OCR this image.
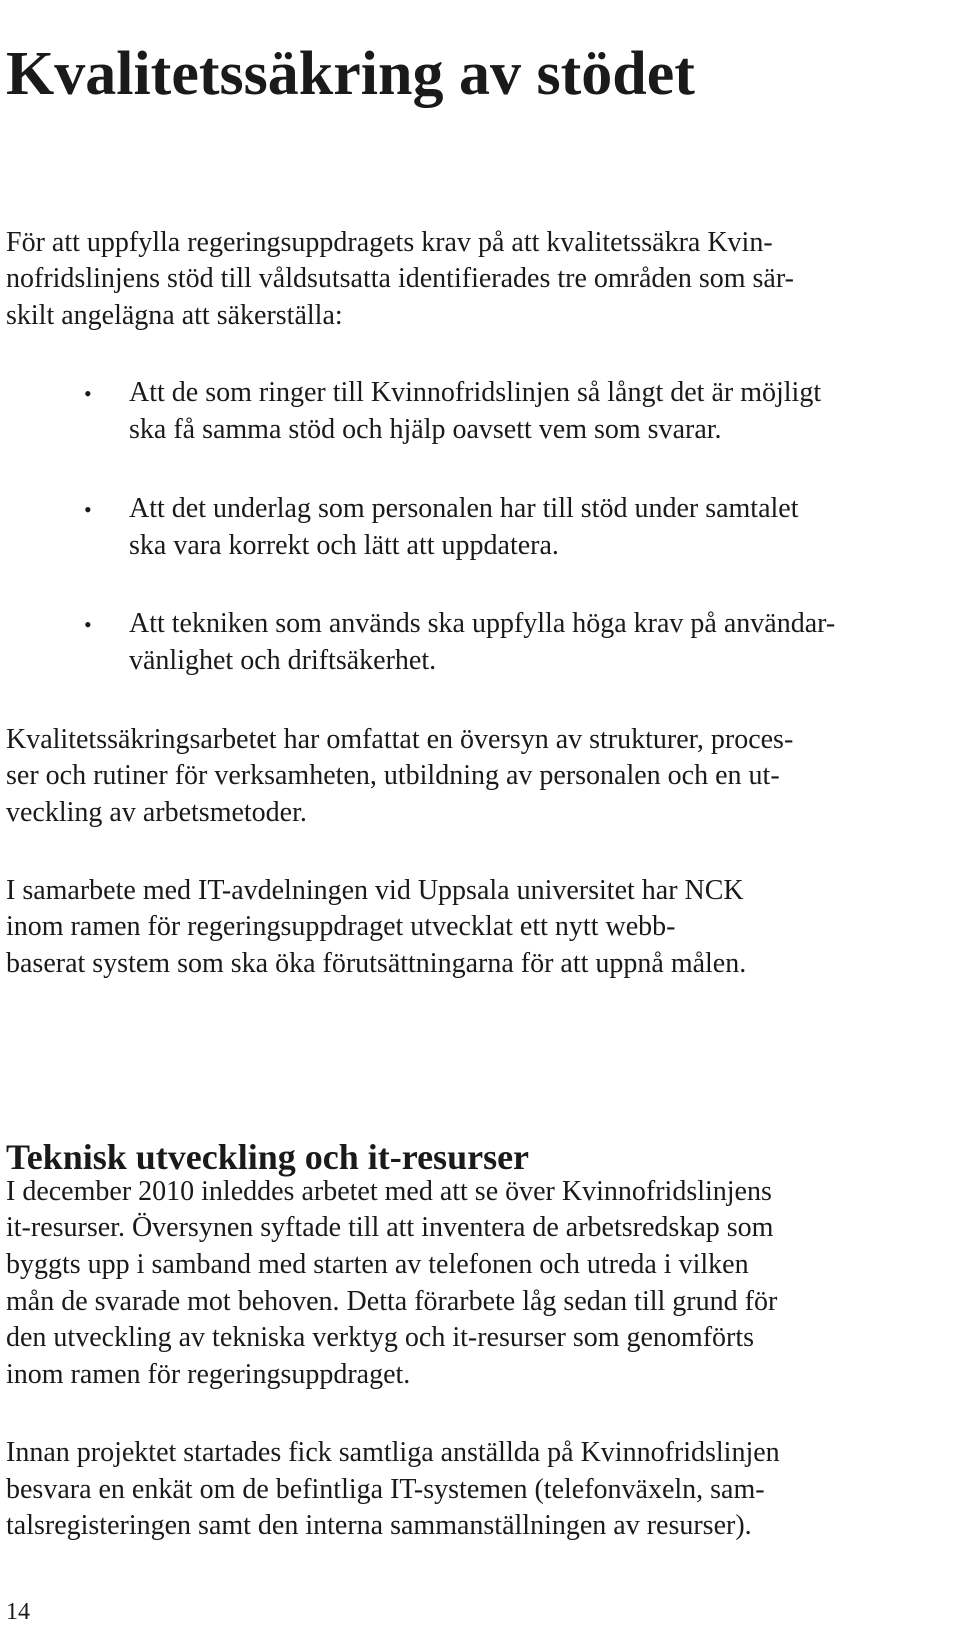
Kvalitetssäkring av stödet
För att uppfylla regeringsuppdragets krav på att kvalitetssäkra Kvin-
nofridslinjens stöd till våldsutsatta identifierades tre områden som sär-
skilt angelägna att säkerställa:
• Att de som ringer till Kvinnofridslinjen så långt det är möjligt
ska få samma stöd och hjälp oavsett vem som svarar.
• Att det underlag som personalen har till stöd under samtalet
ska vara korrekt och lätt att uppdatera.
• Att tekniken som används ska uppfylla höga krav på användar-
vänlighet och driftsäkerhet.
Kvalitetssäkringsarbetet har omfattat en översyn av strukturer, proces-
ser och rutiner för verksamheten, utbildning av personalen och en ut-
veckling av arbetsmetoder.
I samarbete med IT-avdelningen vid Uppsala universitet har NCK
inom ramen för regeringsuppdraget utvecklat ett nytt webb-
baserat system som ska öka förutsättningarna för att uppnå målen.
Teknisk utveckling och it-resurser
I december 2010 inleddes arbetet med att se över Kvinnofridslinjens
it-resurser. Översynen syftade till att inventera de arbetsredskap som
byggts upp i samband med starten av telefonen och utreda i vilken
mån de svarade mot behoven. Detta förarbete låg sedan till grund för
den utveckling av tekniska verktyg och it-resurser som genomförts
inom ramen för regeringsuppdraget.
Innan projektet startades fick samtliga anställda på Kvinnofridslinjen
besvara en enkät om de befintliga IT-systemen (telefonväxeln, sam-
talsregisteringen samt den interna sammanställningen av resurser).
14
